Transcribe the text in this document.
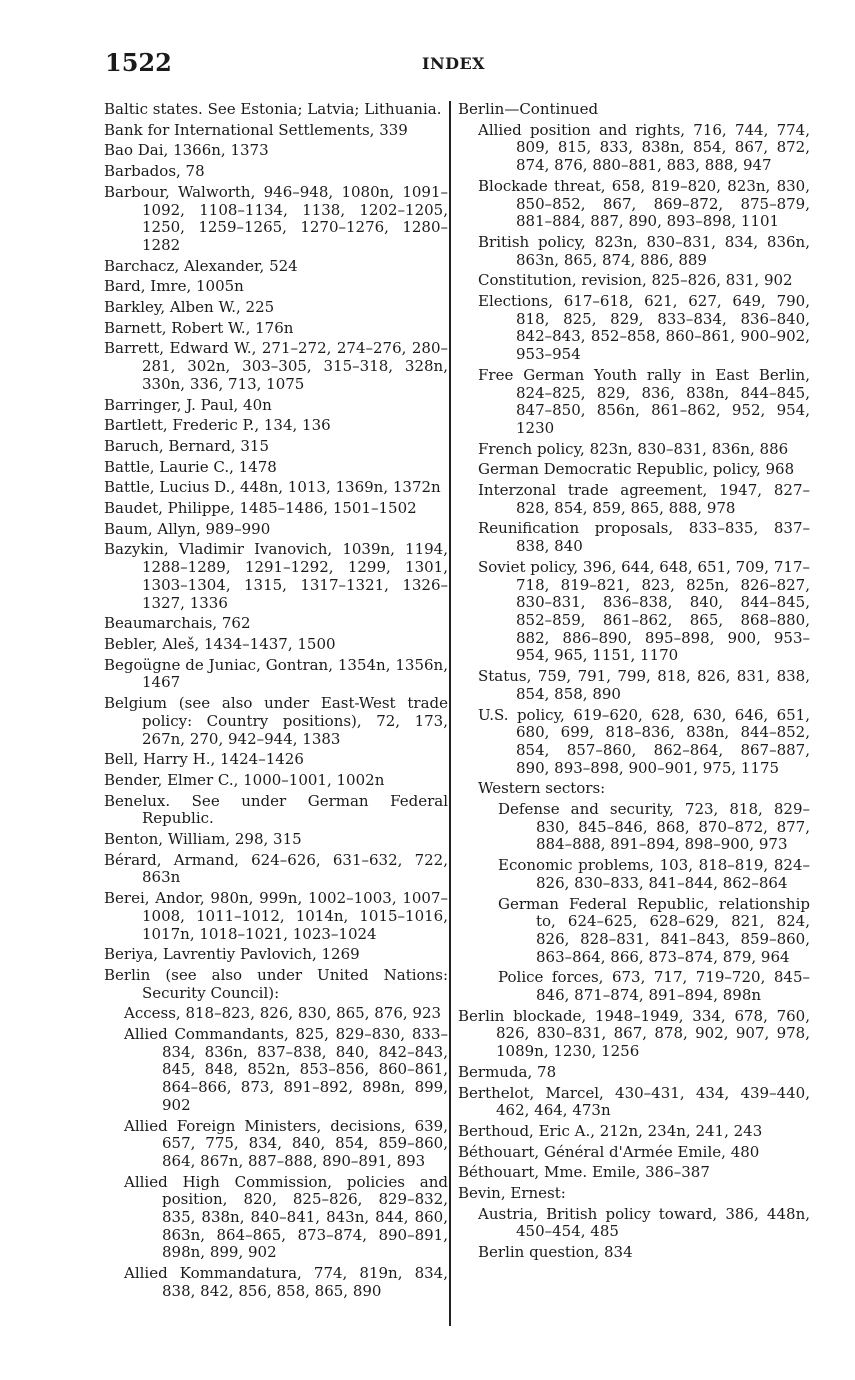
1522	INDEX

Baltic states. See Estonia; Latvia; Lithuania.

Bank for International Settlements, 339

Bao Dai, 1366n, 1373

Barbados, 78

Barbour, Walworth, 946–948, 1080n, 1091–1092, 1108–1134, 1138, 1202–1205, 1250, 1259–1265, 1270–1276, 1280–1282

Barchacz, Alexander, 524

Bard, Imre, 1005n

Barkley, Alben W., 225

Barnett, Robert W., 176n

Barrett, Edward W., 271–272, 274–276, 280–281, 302n, 303–305, 315–318, 328n, 330n, 336, 713, 1075

Barringer, J. Paul, 40n

Bartlett, Frederic P., 134, 136

Baruch, Bernard, 315

Battle, Laurie C., 1478

Battle, Lucius D., 448n, 1013, 1369n, 1372n

Baudet, Philippe, 1485–1486, 1501–1502

Baum, Allyn, 989–990

Bazykin, Vladimir Ivanovich, 1039n, 1194, 1288–1289, 1291–1292, 1299, 1301, 1303–1304, 1315, 1317–1321, 1326–1327, 1336

Beaumarchais, 762

Bebler, Aleš, 1434–1437, 1500

Begoügne de Juniac, Gontran, 1354n, 1356n, 1467

Belgium (see also under East-West trade policy: Country positions), 72, 173, 267n, 270, 942–944, 1383

Bell, Harry H., 1424–1426

Bender, Elmer C., 1000–1001, 1002n

Benelux. See under German Federal Republic.

Benton, William, 298, 315

Bérard, Armand, 624–626, 631–632, 722, 863n

Berei, Andor, 980n, 999n, 1002–1003, 1007–1008, 1011–1012, 1014n, 1015–1016, 1017n, 1018–1021, 1023–1024

Beriya, Lavrentiy Pavlovich, 1269

Berlin (see also under United Nations: Security Council):

Access, 818–823, 826, 830, 865, 876, 923

Allied Commandants, 825, 829–830, 833–834, 836n, 837–838, 840, 842–843, 845, 848, 852n, 853–856, 860–861, 864–866, 873, 891–892, 898n, 899, 902

Allied Foreign Ministers, decisions, 639, 657, 775, 834, 840, 854, 859–860, 864, 867n, 887–888, 890–891, 893

Allied High Commission, policies and position, 820, 825–826, 829–832, 835, 838n, 840–841, 843n, 844, 860, 863n, 864–865, 873–874, 890–891, 898n, 899, 902

Allied Kommandatura, 774, 819n, 834, 838, 842, 856, 858, 865, 890

Berlin—Continued

Allied position and rights, 716, 744, 774, 809, 815, 833, 838n, 854, 867, 872, 874, 876, 880–881, 883, 888, 947

Blockade threat, 658, 819–820, 823n, 830, 850–852, 867, 869–872, 875–879, 881–884, 887, 890, 893–898, 1101

British policy, 823n, 830–831, 834, 836n, 863n, 865, 874, 886, 889

Constitution, revision, 825–826, 831, 902

Elections, 617–618, 621, 627, 649, 790, 818, 825, 829, 833–834, 836–840, 842–843, 852–858, 860–861, 900–902, 953–954

Free German Youth rally in East Berlin, 824–825, 829, 836, 838n, 844–845, 847–850, 856n, 861–862, 952, 954, 1230

French policy, 823n, 830–831, 836n, 886

German Democratic Republic, policy, 968

Interzonal trade agreement, 1947, 827–828, 854, 859, 865, 888, 978

Reunification proposals, 833–835, 837–838, 840

Soviet policy, 396, 644, 648, 651, 709, 717–718, 819–821, 823, 825n, 826–827, 830–831, 836–838, 840, 844–845, 852–859, 861–862, 865, 868–880, 882, 886–890, 895–898, 900, 953–954, 965, 1151, 1170

Status, 759, 791, 799, 818, 826, 831, 838, 854, 858, 890

U.S. policy, 619–620, 628, 630, 646, 651, 680, 699, 818–836, 838n, 844–852, 854, 857–860, 862–864, 867–887, 890, 893–898, 900–901, 975, 1175

Western sectors:

Defense and security, 723, 818, 829–830, 845–846, 868, 870–872, 877, 884–888, 891–894, 898–900, 973

Economic problems, 103, 818–819, 824–826, 830–833, 841–844, 862–864

German Federal Republic, relationship to, 624–625, 628–629, 821, 824, 826, 828–831, 841–843, 859–860, 863–864, 866, 873–874, 879, 964

Police forces, 673, 717, 719–720, 845–846, 871–874, 891–894, 898n

Berlin blockade, 1948–1949, 334, 678, 760, 826, 830–831, 867, 878, 902, 907, 978, 1089n, 1230, 1256

Bermuda, 78

Berthelot, Marcel, 430–431, 434, 439–440, 462, 464, 473n

Berthoud, Eric A., 212n, 234n, 241, 243

Béthouart, Général d'Armée Emile, 480

Béthouart, Mme. Emile, 386–387

Bevin, Ernest:

Austria, British policy toward, 386, 448n, 450–454, 485

Berlin question, 834
